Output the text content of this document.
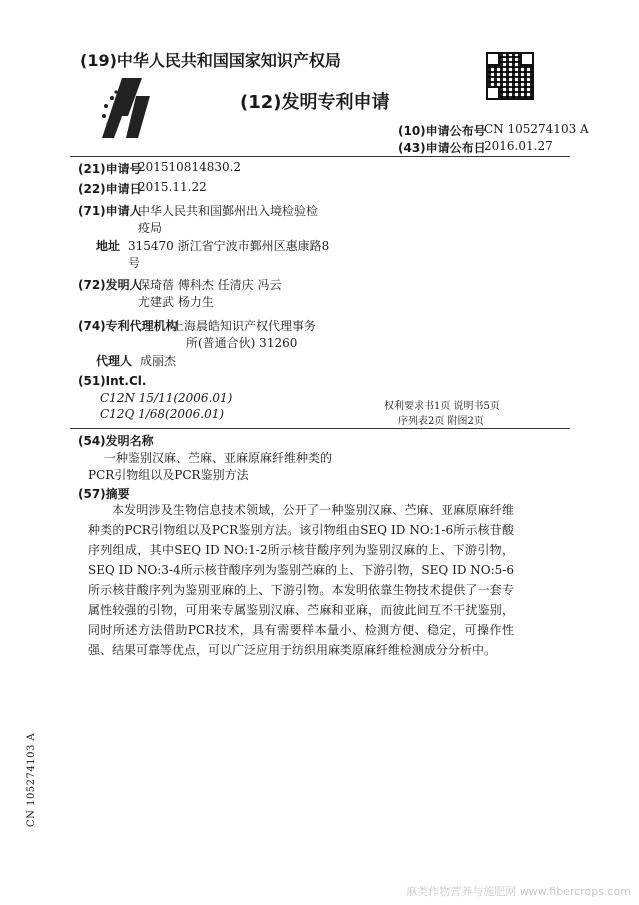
(19)中华人民共和国国家知识产权局
(12)发明专利申请
(10)申请公布号
CN 105274103 A
(43)申请公布日
2016.01.27
(21)申请号
201510814830.2
(22)申请日
2015.11.22
(71)申请人
中华人民共和国鄞州出入境检验检
疫局
地址 315470 浙江省宁波市鄞州区惠康路8
号
(72)发明人
保琦蓓 傅科杰 任清庆 冯云
尤建武 杨力生
(74)专利代理机构
上海晨皓知识产权代理事务
所(普通合伙) 31260
代理人 成丽杰
(51)Int.Cl.
C12N 15/11(2006.01)
C12Q 1/68(2006.01)
权利要求书1页 说明书5页
序列表2页 附图2页
(54)发明名称
一种鉴别汉麻、苎麻、亚麻原麻纤维种类的
PCR引物组以及PCR鉴别方法
(57)摘要
本发明涉及生物信息技术领域，公开了一种鉴别汉麻、苎麻、亚麻原麻纤维种类的PCR引物组以及PCR鉴别方法。该引物组由SEQ ID NO:1-6所示核苷酸序列组成，其中SEQ ID NO:1-2所示核苷酸序列为鉴别汉麻的上、下游引物，SEQ ID NO:3-4所示核苷酸序列为鉴别苎麻的上、下游引物，SEQ ID NO:5-6所示核苷酸序列为鉴别亚麻的上、下游引物。本发明依靠生物技术提供了一套专属性较强的引物，可用来专属鉴别汉麻、苎麻和亚麻，而彼此间互不干扰鉴别，同时所述方法借助PCR技术，具有需要样本量小、检测方便、稳定，可操作性强、结果可靠等优点，可以广泛应用于纺织用麻类原麻纤维检测成分分析中。
CN 105274103 A
麻类作物营养与施肥网 www.fibercrops.com
